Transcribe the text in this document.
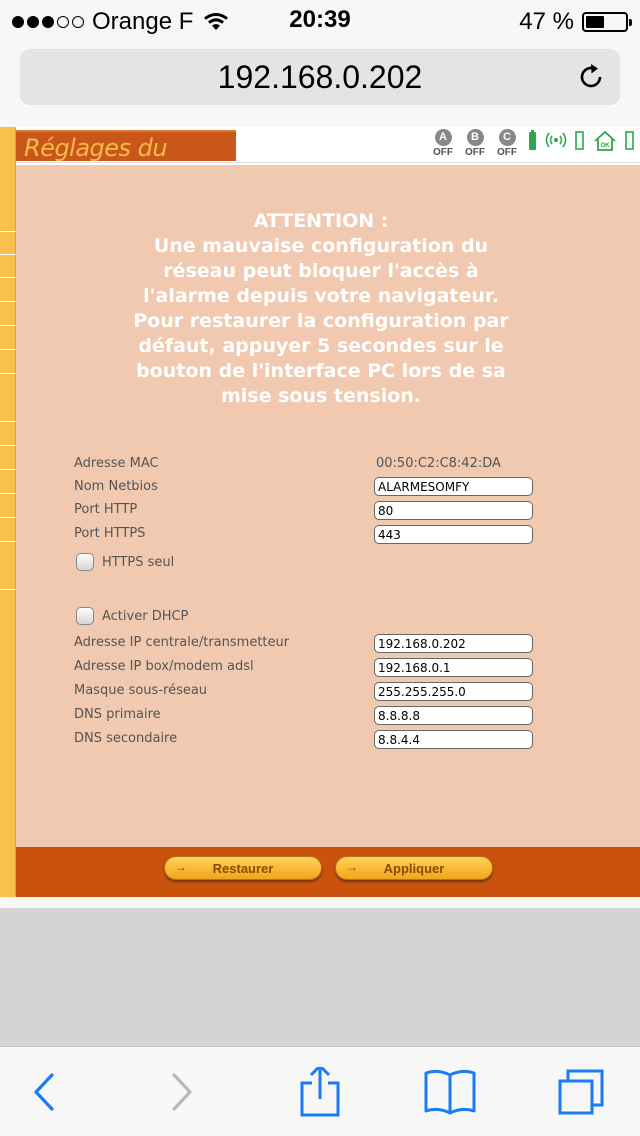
Orange F	20:39	47 %
192.168.0.202
Réglages du	A
OFF
B
OFF
C
OFF
OK
ATTENTION :
Une mauvaise configuration du
réseau peut bloquer l'accès à
l'alarme depuis votre navigateur.
Pour restaurer la configuration par
défaut, appuyer 5 secondes sur le
bouton de l'interface PC lors de sa
mise sous tension.
Adresse MAC	00:50:C2:C8:42:DA
Nom Netbios	ALARMESOMFY
Port HTTP	80
Port HTTPS	443
HTTPS seul
Activer DHCP
Adresse IP centrale/transmetteur	192.168.0.202
Adresse IP box/modem adsl	192.168.0.1
Masque sous-réseau	255.255.255.0
DNS primaire	8.8.8.8
DNS secondaire	8.8.4.4
→	Restaurer	→	Appliquer
